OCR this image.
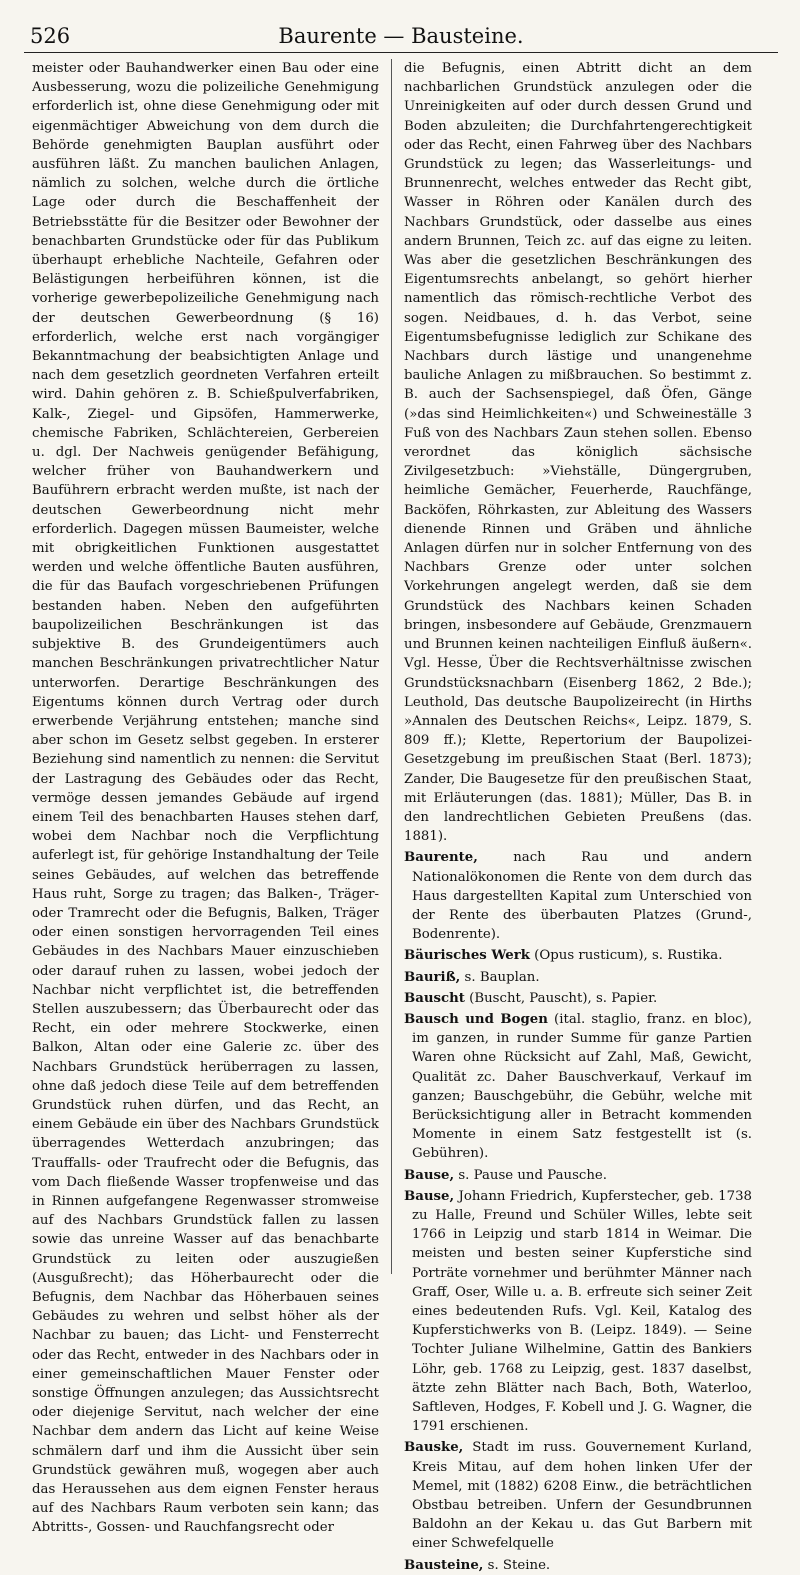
526	Baurente — Bausteine.

meister oder Bauhandwerker einen Bau oder eine Ausbesserung, wozu die polizeiliche Genehmigung erforderlich ist, ohne diese Genehmigung oder mit eigenmächtiger Abweichung von dem durch die Behörde genehmigten Bauplan ausführt oder ausführen läßt. Zu manchen baulichen Anlagen, nämlich zu solchen, welche durch die örtliche Lage oder durch die Beschaffenheit der Betriebsstätte für die Besitzer oder Bewohner der benachbarten Grundstücke oder für das Publikum überhaupt erhebliche Nachteile, Gefahren oder Belästigungen herbeiführen können, ist die vorherige gewerbepolizeiliche Genehmigung nach der deutschen Gewerbeordnung (§ 16) erforderlich, welche erst nach vorgängiger Bekanntmachung der beabsichtigten Anlage und nach dem gesetzlich geordneten Verfahren erteilt wird. Dahin gehören z. B. Schießpulverfabriken, Kalk-, Ziegel- und Gipsöfen, Hammerwerke, chemische Fabriken, Schlächtereien, Gerbereien u. dgl. Der Nachweis genügender Befähigung, welcher früher von Bauhandwerkern und Bauführern erbracht werden mußte, ist nach der deutschen Gewerbeordnung nicht mehr erforderlich. Dagegen müssen Baumeister, welche mit obrigkeitlichen Funktionen ausgestattet werden und welche öffentliche Bauten ausführen, die für das Baufach vorgeschriebenen Prüfungen bestanden haben. Neben den aufgeführten baupolizeilichen Beschränkungen ist das subjektive B. des Grundeigentümers auch manchen Beschränkungen privatrechtlicher Natur unterworfen. Derartige Beschränkungen des Eigentums können durch Vertrag oder durch erwerbende Verjährung entstehen; manche sind aber schon im Gesetz selbst gegeben. In ersterer Beziehung sind namentlich zu nennen: die Servitut der Lastragung des Gebäudes oder das Recht, vermöge dessen jemandes Gebäude auf irgend einem Teil des benachbarten Hauses stehen darf, wobei dem Nachbar noch die Verpflichtung auferlegt ist, für gehörige Instandhaltung der Teile seines Gebäudes, auf welchen das betreffende Haus ruht, Sorge zu tragen; das Balken-, Träger- oder Tramrecht oder die Befugnis, Balken, Träger oder einen sonstigen hervorragenden Teil eines Gebäudes in des Nachbars Mauer einzuschieben oder darauf ruhen zu lassen, wobei jedoch der Nachbar nicht verpflichtet ist, die betreffenden Stellen auszubessern; das Überbaurecht oder das Recht, ein oder mehrere Stockwerke, einen Balkon, Altan oder eine Galerie zc. über des Nachbars Grundstück herüberragen zu lassen, ohne daß jedoch diese Teile auf dem betreffenden Grundstück ruhen dürfen, und das Recht, an einem Gebäude ein über des Nachbars Grundstück überragendes Wetterdach anzubringen; das Trauffalls- oder Traufrecht oder die Befugnis, das vom Dach fließende Wasser tropfenweise und das in Rinnen aufgefangene Regenwasser stromweise auf des Nachbars Grundstück fallen zu lassen sowie das unreine Wasser auf das benachbarte Grundstück zu leiten oder auszugießen (Ausgußrecht); das Höherbaurecht oder die Befugnis, dem Nachbar das Höherbauen seines Gebäudes zu wehren und selbst höher als der Nachbar zu bauen; das Licht- und Fensterrecht oder das Recht, entweder in des Nachbars oder in einer gemeinschaftlichen Mauer Fenster oder sonstige Öffnungen anzulegen; das Aussichtsrecht oder diejenige Servitut, nach welcher der eine Nachbar dem andern das Licht auf keine Weise schmälern darf und ihm die Aussicht über sein Grundstück gewähren muß, wogegen aber auch das Heraussehen aus dem eignen Fenster heraus auf des Nachbars Raum verboten sein kann; das Abtritts-, Gossen- und Rauchfangsrecht oder

die Befugnis, einen Abtritt dicht an dem nachbarlichen Grundstück anzulegen oder die Unreinigkeiten auf oder durch dessen Grund und Boden abzuleiten; die Durchfahrtengerechtigkeit oder das Recht, einen Fahrweg über des Nachbars Grundstück zu legen; das Wasserleitungs- und Brunnenrecht, welches entweder das Recht gibt, Wasser in Röhren oder Kanälen durch des Nachbars Grundstück, oder dasselbe aus eines andern Brunnen, Teich zc. auf das eigne zu leiten. Was aber die gesetzlichen Beschränkungen des Eigentumsrechts anbelangt, so gehört hierher namentlich das römisch-rechtliche Verbot des sogen. Neidbaues, d. h. das Verbot, seine Eigentumsbefugnisse lediglich zur Schikane des Nachbars durch lästige und unangenehme bauliche Anlagen zu mißbrauchen. So bestimmt z. B. auch der Sachsenspiegel, daß Öfen, Gänge (»das sind Heimlichkeiten«) und Schweineställe 3 Fuß von des Nachbars Zaun stehen sollen. Ebenso verordnet das königlich sächsische Zivilgesetzbuch: »Viehställe, Düngergruben, heimliche Gemächer, Feuerherde, Rauchfänge, Backöfen, Röhrkasten, zur Ableitung des Wassers dienende Rinnen und Gräben und ähnliche Anlagen dürfen nur in solcher Entfernung von des Nachbars Grenze oder unter solchen Vorkehrungen angelegt werden, daß sie dem Grundstück des Nachbars keinen Schaden bringen, insbesondere auf Gebäude, Grenzmauern und Brunnen keinen nachteiligen Einfluß äußern«. Vgl. Hesse, Über die Rechtsverhältnisse zwischen Grundstücksnachbarn (Eisenberg 1862, 2 Bde.); Leuthold, Das deutsche Baupolizeirecht (in Hirths »Annalen des Deutschen Reichs«, Leipz. 1879, S. 809 ff.); Klette, Repertorium der Baupolizei-Gesetzgebung im preußischen Staat (Berl. 1873); Zander, Die Baugesetze für den preußischen Staat, mit Erläuterungen (das. 1881); Müller, Das B. in den landrechtlichen Gebieten Preußens (das. 1881).

Baurente, nach Rau und andern Nationalökonomen die Rente von dem durch das Haus dargestellten Kapital zum Unterschied von der Rente des überbauten Platzes (Grund-, Bodenrente).

Bäurisches Werk (Opus rusticum), s. Rustika.

Bauriß, s. Bauplan.

Bauscht (Buscht, Pauscht), s. Papier.

Bausch und Bogen (ital. staglio, franz. en bloc), im ganzen, in runder Summe für ganze Partien Waren ohne Rücksicht auf Zahl, Maß, Gewicht, Qualität zc. Daher Bauschverkauf, Verkauf im ganzen; Bauschgebühr, die Gebühr, welche mit Berücksichtigung aller in Betracht kommenden Momente in einem Satz festgestellt ist (s. Gebühren).

Bause, s. Pause und Pausche.

Bause, Johann Friedrich, Kupferstecher, geb. 1738 zu Halle, Freund und Schüler Willes, lebte seit 1766 in Leipzig und starb 1814 in Weimar. Die meisten und besten seiner Kupferstiche sind Porträte vornehmer und berühmter Männer nach Graff, Oser, Wille u. a. B. erfreute sich seiner Zeit eines bedeutenden Rufs. Vgl. Keil, Katalog des Kupferstichwerks von B. (Leipz. 1849). — Seine Tochter Juliane Wilhelmine, Gattin des Bankiers Löhr, geb. 1768 zu Leipzig, gest. 1837 daselbst, ätzte zehn Blätter nach Bach, Both, Waterloo, Saftleven, Hodges, F. Kobell und J. G. Wagner, die 1791 erschienen.

Bauske, Stadt im russ. Gouvernement Kurland, Kreis Mitau, auf dem hohen linken Ufer der Memel, mit (1882) 6208 Einw., die beträchtlichen Obstbau betreiben. Unfern der Gesundbrunnen Baldohn an der Kekau u. das Gut Barbern mit einer Schwefelquelle

Bausteine, s. Steine.
